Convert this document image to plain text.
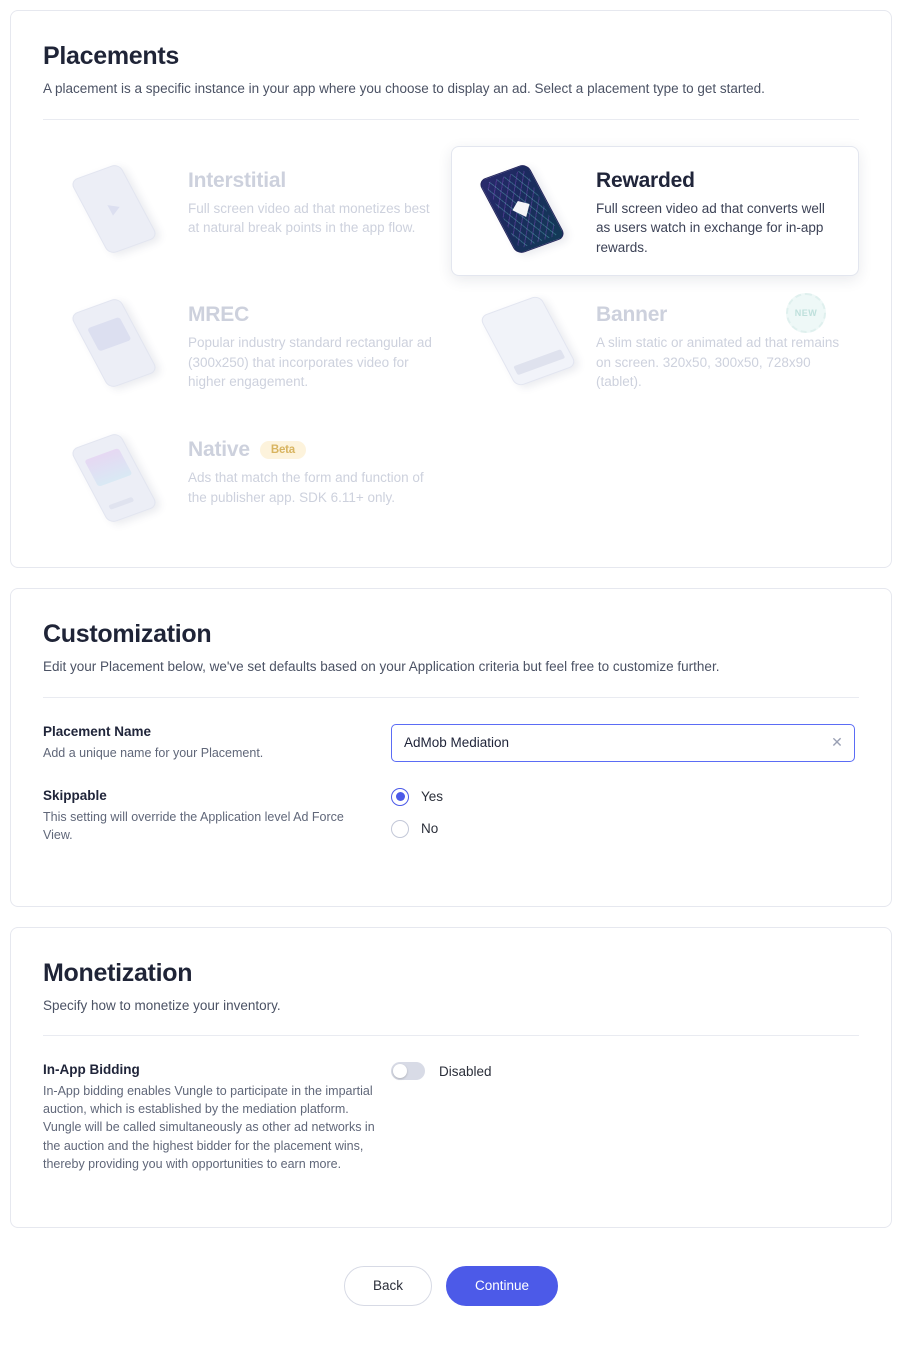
Placements

A placement is a specific instance in your app where you choose to display an ad. Select a placement type to get started.

Interstitial

Full screen video ad that monetizes best at natural break points in the app flow.

Rewarded

Full screen video ad that converts well as users watch in exchange for in-app rewards.

MREC

Popular industry standard rectangular ad (300x250) that incorporates video for higher engagement.

Banner

A slim static or animated ad that remains on screen. 320x50, 300x50, 728x90 (tablet).

NEW

Native Beta

Ads that match the form and function of the publisher app. SDK 6.11+ only.

Customization

Edit your Placement below, we've set defaults based on your Application criteria but feel free to customize further.

Placement Name

Add a unique name for your Placement.

AdMob Mediation
✕

Skippable

This setting will override the Application level Ad Force View.

Yes
No
Monetization

Specify how to monetize your inventory.

In-App Bidding

In-App bidding enables Vungle to participate in the impartial auction, which is established by the mediation platform. Vungle will be called simultaneously as other ad networks in the auction and the highest bidder for the placement wins, thereby providing you with opportunities to earn more.

Disabled
Back	Continue
